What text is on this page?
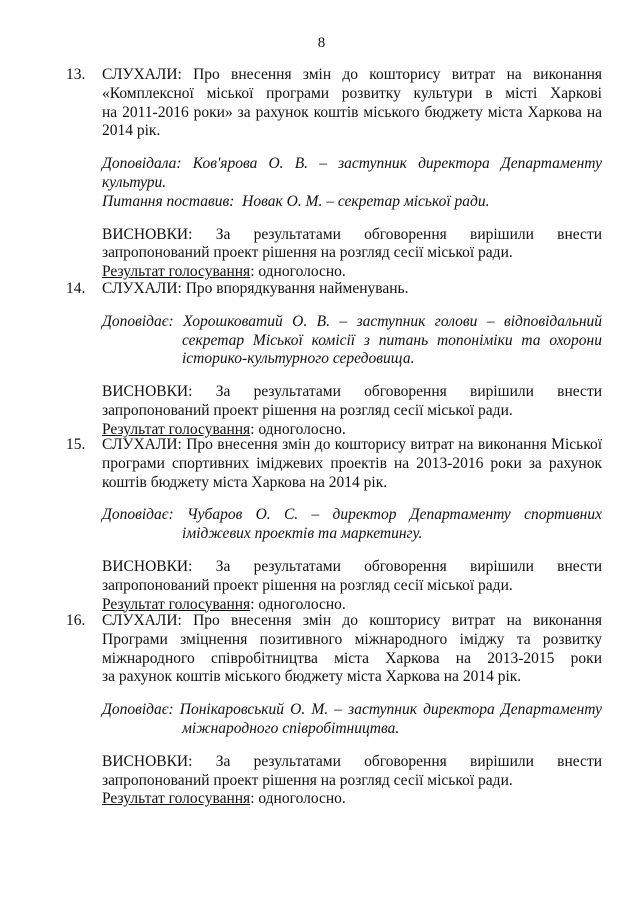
8
13. СЛУХАЛИ: Про внесення змін до кошторису витрат на виконання
«Комплексної міської програми розвитку культури в місті Харкові
на 2011-2016 роки» за рахунок коштів міського бюджету міста Харкова на
2014 рік.
Доповідала: Ков'ярова О. В. – заступник директора Департаменту
культури.
Питання поставив: Новак О. М. – секретар міської ради.
ВИСНОВКИ: За результатами обговорення вирішили внести
запропонований проект рішення на розгляд сесії міської ради.
Результат голосування: одноголосно.
14. СЛУХАЛИ: Про впорядкування найменувань.
Доповідає: Хорошковатий О. В. – заступник голови – відповідальний
секретар Міської комісії з питань топоніміки та охорони
історико-культурного середовища.
ВИСНОВКИ: За результатами обговорення вирішили внести
запропонований проект рішення на розгляд сесії міської ради.
Результат голосування: одноголосно.
15. СЛУХАЛИ: Про внесення змін до кошторису витрат на виконання Міської
програми спортивних іміджевих проектів на 2013-2016 роки за рахунок
коштів бюджету міста Харкова на 2014 рік.
Доповідає: Чубаров О. С. – директор Департаменту спортивних
іміджевих проектів та маркетингу.
ВИСНОВКИ: За результатами обговорення вирішили внести
запропонований проект рішення на розгляд сесії міської ради.
Результат голосування: одноголосно.
16. СЛУХАЛИ: Про внесення змін до кошторису витрат на виконання
Програми зміцнення позитивного міжнародного іміджу та розвитку
міжнародного співробітництва міста Харкова на 2013-2015 роки
за рахунок коштів міського бюджету міста Харкова на 2014 рік.
Доповідає: Понікаровський О. М. – заступник директора Департаменту
міжнародного співробітництва.
ВИСНОВКИ: За результатами обговорення вирішили внести
запропонований проект рішення на розгляд сесії міської ради.
Результат голосування: одноголосно.
